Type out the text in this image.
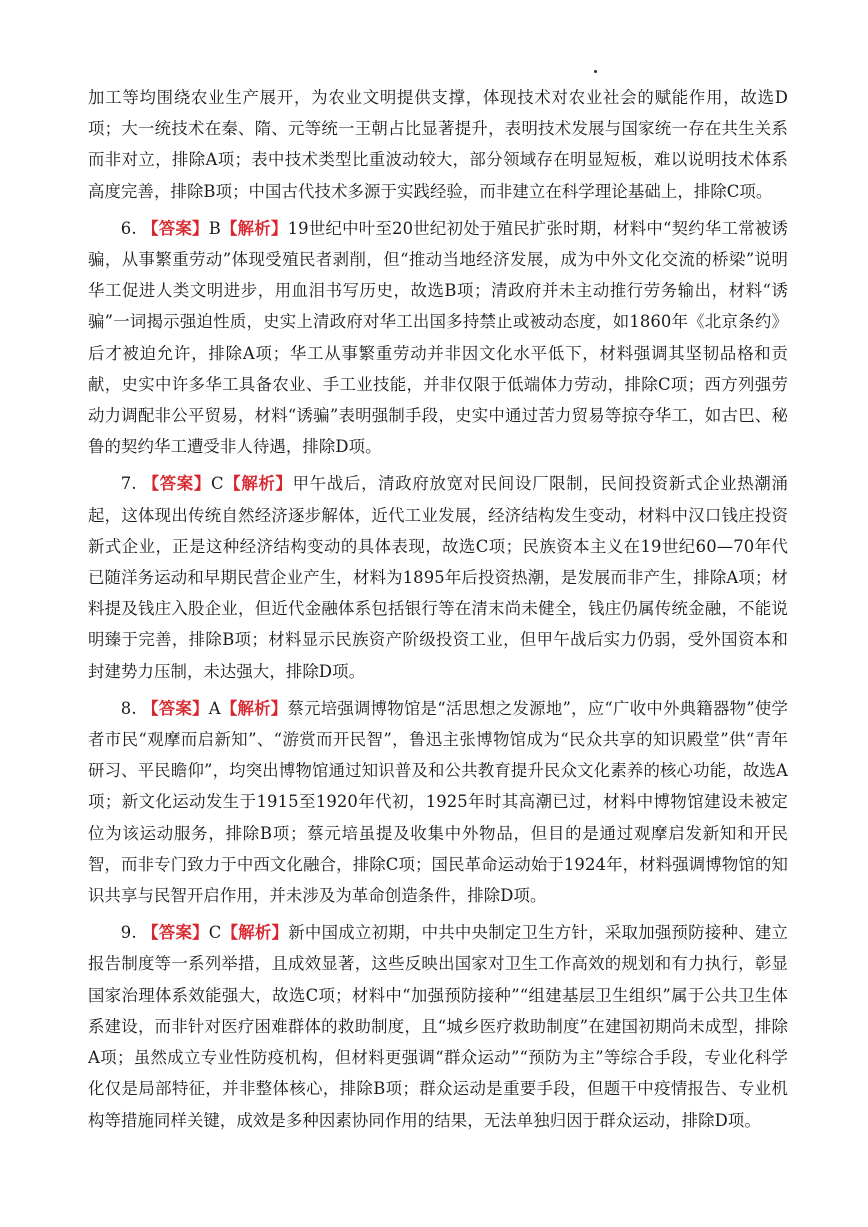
加工等均围绕农业生产展开，为农业文明提供支撑，体现技术对农业社会的赋能作用，故选D项；大一统技术在秦、隋、元等统一王朝占比显著提升，表明技术发展与国家统一存在共生关系而非对立，排除A项；表中技术类型比重波动较大，部分领域存在明显短板，难以说明技术体系高度完善，排除B项；中国古代技术多源于实践经验，而非建立在科学理论基础上，排除C项。

6. 【答案】B【解析】19世纪中叶至20世纪初处于殖民扩张时期，材料中“契约华工常被诱骗，从事繁重劳动”体现受殖民者剥削，但“推动当地经济发展，成为中外文化交流的桥梁”说明华工促进人类文明进步，用血泪书写历史，故选B项；清政府并未主动推行劳务输出，材料“诱骗”一词揭示强迫性质，史实上清政府对华工出国多持禁止或被动态度，如1860年《北京条约》后才被迫允许，排除A项；华工从事繁重劳动并非因文化水平低下，材料强调其坚韧品格和贡献，史实中许多华工具备农业、手工业技能，并非仅限于低端体力劳动，排除C项；西方列强劳动力调配非公平贸易，材料“诱骗”表明强制手段，史实中通过苦力贸易等掠夺华工，如古巴、秘鲁的契约华工遭受非人待遇，排除D项。

7. 【答案】C【解析】甲午战后，清政府放宽对民间设厂限制，民间投资新式企业热潮涌起，这体现出传统自然经济逐步解体，近代工业发展，经济结构发生变动，材料中汉口钱庄投资新式企业，正是这种经济结构变动的具体表现，故选C项；民族资本主义在19世纪60—70年代已随洋务运动和早期民营企业产生，材料为1895年后投资热潮，是发展而非产生，排除A项；材料提及钱庄入股企业，但近代金融体系包括银行等在清末尚未健全，钱庄仍属传统金融，不能说明臻于完善，排除B项；材料显示民族资产阶级投资工业，但甲午战后实力仍弱，受外国资本和封建势力压制，未达强大，排除D项。

8. 【答案】A【解析】蔡元培强调博物馆是“活思想之发源地”，应“广收中外典籍器物”使学者市民“观摩而启新知”、“游赏而开民智”，鲁迅主张博物馆成为“民众共享的知识殿堂”供“青年研习、平民瞻仰”，均突出博物馆通过知识普及和公共教育提升民众文化素养的核心功能，故选A项；新文化运动发生于1915至1920年代初，1925年时其高潮已过，材料中博物馆建设未被定位为该运动服务，排除B项；蔡元培虽提及收集中外物品，但目的是通过观摩启发新知和开民智，而非专门致力于中西文化融合，排除C项；国民革命运动始于1924年，材料强调博物馆的知识共享与民智开启作用，并未涉及为革命创造条件，排除D项。

9. 【答案】C【解析】新中国成立初期，中共中央制定卫生方针，采取加强预防接种、建立报告制度等一系列举措，且成效显著，这些反映出国家对卫生工作高效的规划和有力执行，彰显国家治理体系效能强大，故选C项；材料中“加强预防接种”“组建基层卫生组织”属于公共卫生体系建设，而非针对医疗困难群体的救助制度，且“城乡医疗救助制度”在建国初期尚未成型，排除A项；虽然成立专业性防疫机构，但材料更强调“群众运动”“预防为主”等综合手段，专业化科学化仅是局部特征，并非整体核心，排除B项；群众运动是重要手段，但题干中疫情报告、专业机构等措施同样关键，成效是多种因素协同作用的结果，无法单独归因于群众运动，排除D项。
